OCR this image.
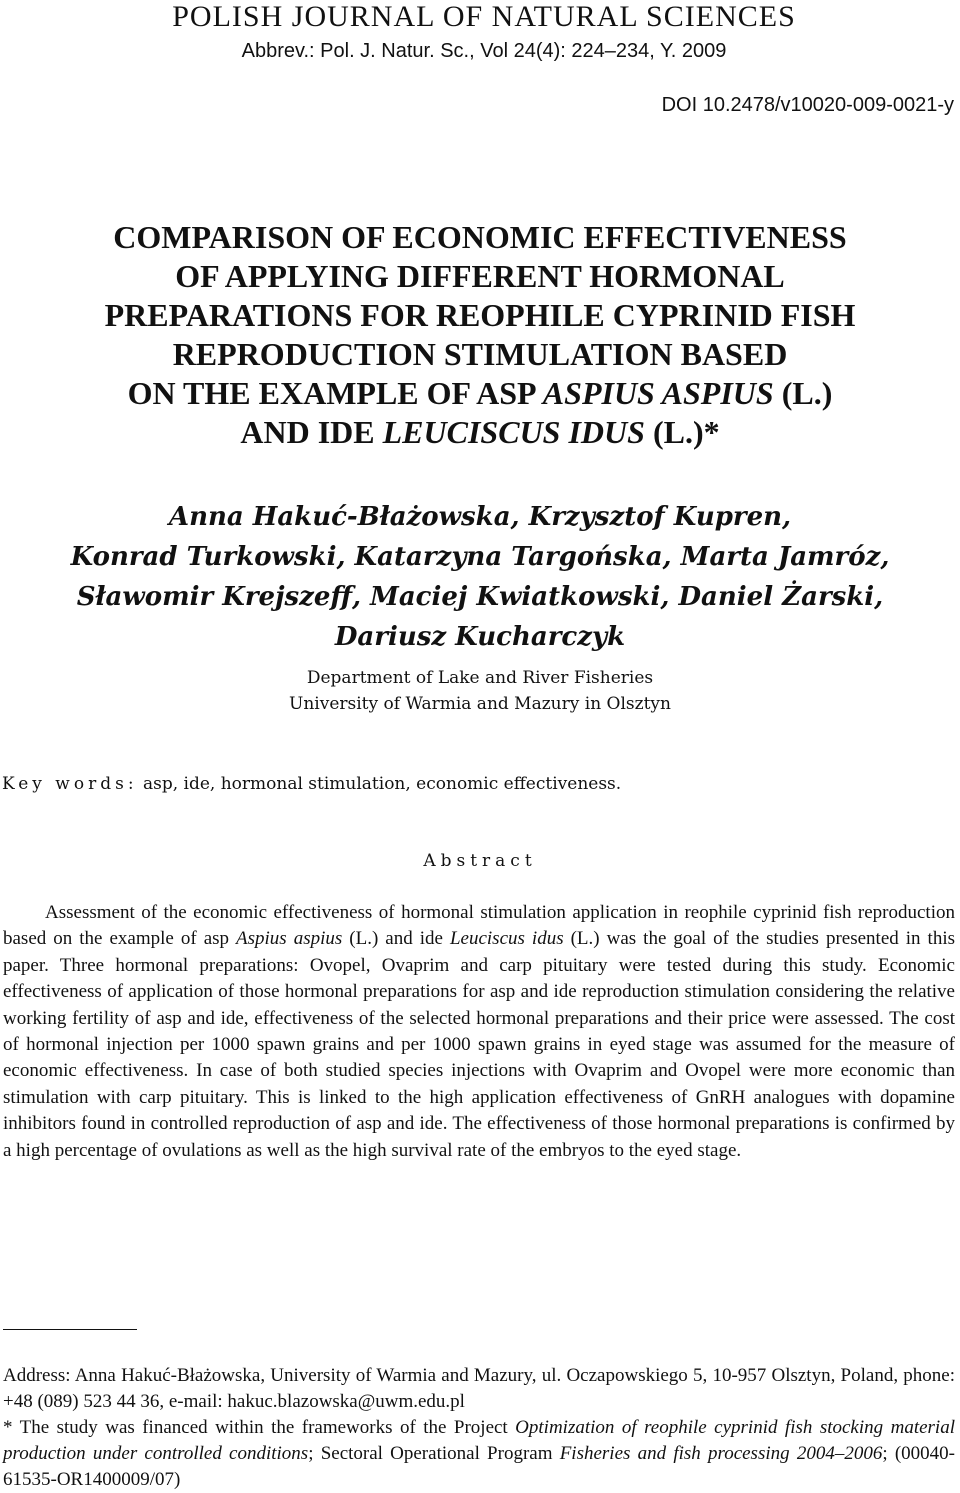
POLISH JOURNAL OF NATURAL SCIENCES
Abbrev.: Pol. J. Natur. Sc., Vol 24(4): 224–234, Y. 2009
DOI 10.2478/v10020-009-0021-y
COMPARISON OF ECONOMIC EFFECTIVENESS
OF APPLYING DIFFERENT HORMONAL
PREPARATIONS FOR REOPHILE CYPRINID FISH
REPRODUCTION STIMULATION BASED
ON THE EXAMPLE OF ASP ASPIUS ASPIUS (L.)
AND IDE LEUCISCUS IDUS (L.)*
Anna Hakuć-Błażowska, Krzysztof Kupren,
Konrad Turkowski, Katarzyna Targońska, Marta Jamróz,
Sławomir Krejszeff, Maciej Kwiatkowski, Daniel Żarski,
Dariusz Kucharczyk
Department of Lake and River Fisheries
University of Warmia and Mazury in Olsztyn
Key words: asp, ide, hormonal stimulation, economic effectiveness.
Abstract

Assessment of the economic effectiveness of hormonal stimulation application in reophile cyprinid fish reproduction based on the example of asp Aspius aspius (L.) and ide Leuciscus idus (L.) was the goal of the studies presented in this paper. Three hormonal preparations: Ovopel, Ovaprim and carp pituitary were tested during this study. Economic effectiveness of application of those hormonal preparations for asp and ide reproduction stimulation considering the relative working fertility of asp and ide, effectiveness of the selected hormonal preparations and their price were assessed. The cost of hormonal injection per 1000 spawn grains and per 1000 spawn grains in eyed stage was assumed for the measure of economic effectiveness. In case of both studied species injections with Ovaprim and Ovopel were more economic than stimulation with carp pituitary. This is linked to the high application effectiveness of GnRH analogues with dopamine inhibitors found in controlled reproduction of asp and ide. The effectiveness of those hormonal preparations is confirmed by a high percentage of ovulations as well as the high survival rate of the embryos to the eyed stage.

Address: Anna Hakuć-Błażowska, University of Warmia and Mazury, ul. Oczapowskiego 5, 10-957 Olsztyn, Poland, phone: +48 (089) 523 44 36, e-mail: hakuc.blazowska@uwm.edu.pl

* The study was financed within the frameworks of the Project Optimization of reophile cyprinid fish stocking material production under controlled conditions; Sectoral Operational Program Fisheries and fish processing 2004–2006; (00040-61535-OR1400009/07)
